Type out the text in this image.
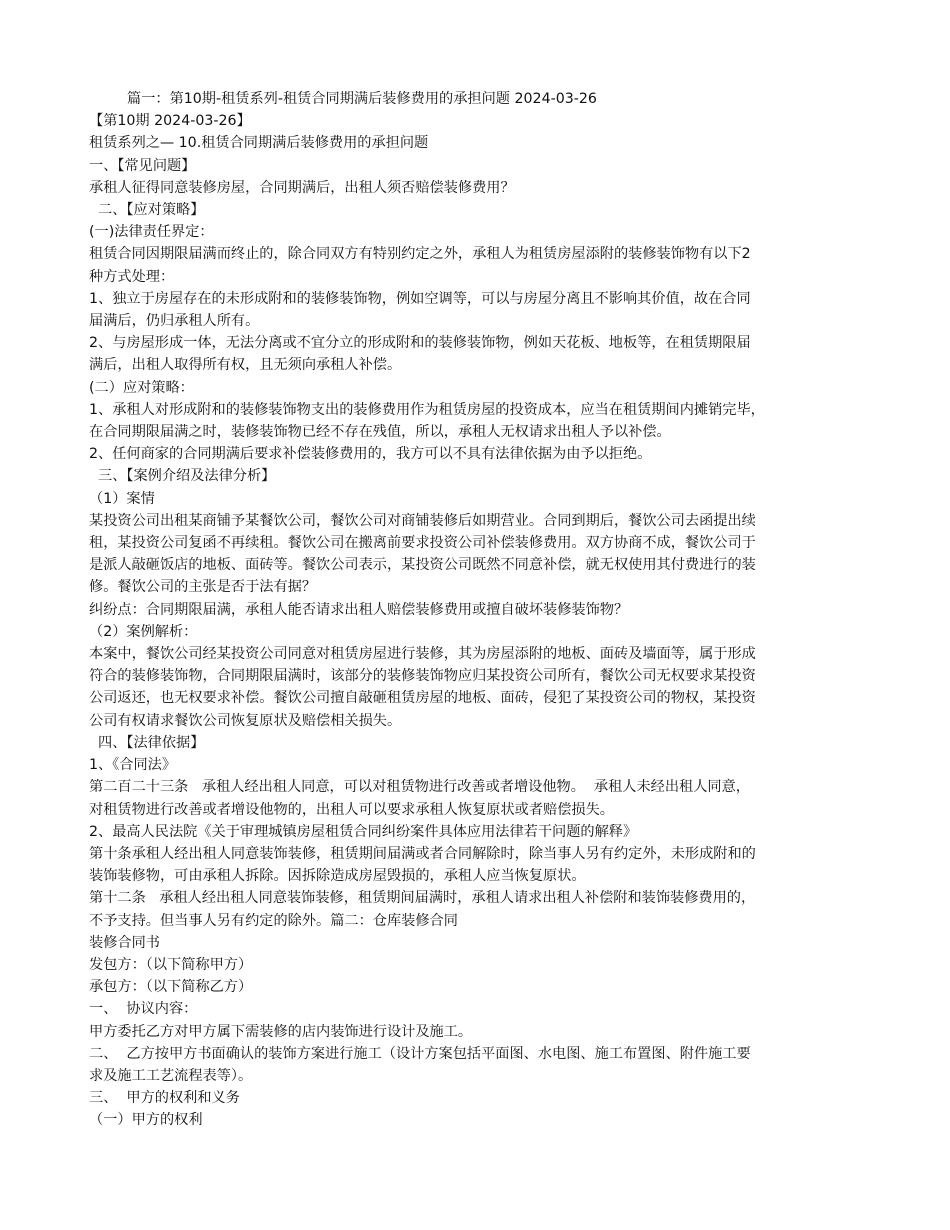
篇一：第10期-租赁系列-租赁合同期满后装修费用的承担问题 2024-03-26

【第10期 2024-03-26】

租赁系列之— 10.租赁合同期满后装修费用的承担问题

一、【常见问题】

承租人征得同意装修房屋，合同期满后，出租人须否赔偿装修费用？

二、【应对策略】

(一)法律责任界定：

租赁合同因期限届满而终止的，除合同双方有特别约定之外，承租人为租赁房屋添附的装修装饰物有以下2

种方式处理：

1、独立于房屋存在的未形成附和的装修装饰物，例如空调等，可以与房屋分离且不影响其价值，故在合同

届满后，仍归承租人所有。

2、与房屋形成一体，无法分离或不宜分立的形成附和的装修装饰物，例如天花板、地板等，在租赁期限届

满后，出租人取得所有权，且无须向承租人补偿。

(二）应对策略：

1、承租人对形成附和的装修装饰物支出的装修费用作为租赁房屋的投资成本，应当在租赁期间内摊销完毕，

在合同期限届满之时，装修装饰物已经不存在残值，所以，承租人无权请求出租人予以补偿。

2、任何商家的合同期满后要求补偿装修费用的，我方可以不具有法律依据为由予以拒绝。

三、【案例介绍及法律分析】

（1）案情

某投资公司出租某商铺予某餐饮公司，餐饮公司对商铺装修后如期营业。合同到期后，餐饮公司去函提出续

租，某投资公司复函不再续租。餐饮公司在搬离前要求投资公司补偿装修费用。双方协商不成，餐饮公司于

是派人敲砸饭店的地板、面砖等。餐饮公司表示，某投资公司既然不同意补偿，就无权使用其付费进行的装

修。餐饮公司的主张是否于法有据？

纠纷点：合同期限届满，承租人能否请求出租人赔偿装修费用或擅自破坏装修装饰物？

（2）案例解析：

本案中，餐饮公司经某投资公司同意对租赁房屋进行装修，其为房屋添附的地板、面砖及墙面等，属于形成

符合的装修装饰物，合同期限届满时，该部分的装修装饰物应归某投资公司所有，餐饮公司无权要求某投资

公司返还，也无权要求补偿。餐饮公司擅自敲砸租赁房屋的地板、面砖，侵犯了某投资公司的物权，某投资

公司有权请求餐饮公司恢复原状及赔偿相关损失。

四、【法律依据】

1、《合同法》

第二百二十三条   承租人经出租人同意，可以对租赁物进行改善或者增设他物。  承租人未经出租人同意，

对租赁物进行改善或者增设他物的，出租人可以要求承租人恢复原状或者赔偿损失。

2、最高人民法院《关于审理城镇房屋租赁合同纠纷案件具体应用法律若干问题的解释》

第十条承租人经出租人同意装饰装修，租赁期间届满或者合同解除时，除当事人另有约定外，未形成附和的

装饰装修物，可由承租人拆除。因拆除造成房屋毁损的，承租人应当恢复原状。

第十二条   承租人经出租人同意装饰装修，租赁期间届满时，承租人请求出租人补偿附和装饰装修费用的，

不予支持。但当事人另有约定的除外。篇二：仓库装修合同

装修合同书

发包方：（以下简称甲方）

承包方：（以下简称乙方）

一、  协议内容：

甲方委托乙方对甲方属下需装修的店内装饰进行设计及施工。

二、  乙方按甲方书面确认的装饰方案进行施工（设计方案包括平面图、水电图、施工布置图、附件施工要

求及施工工艺流程表等）。

三、  甲方的权利和义务

（一）甲方的权利
